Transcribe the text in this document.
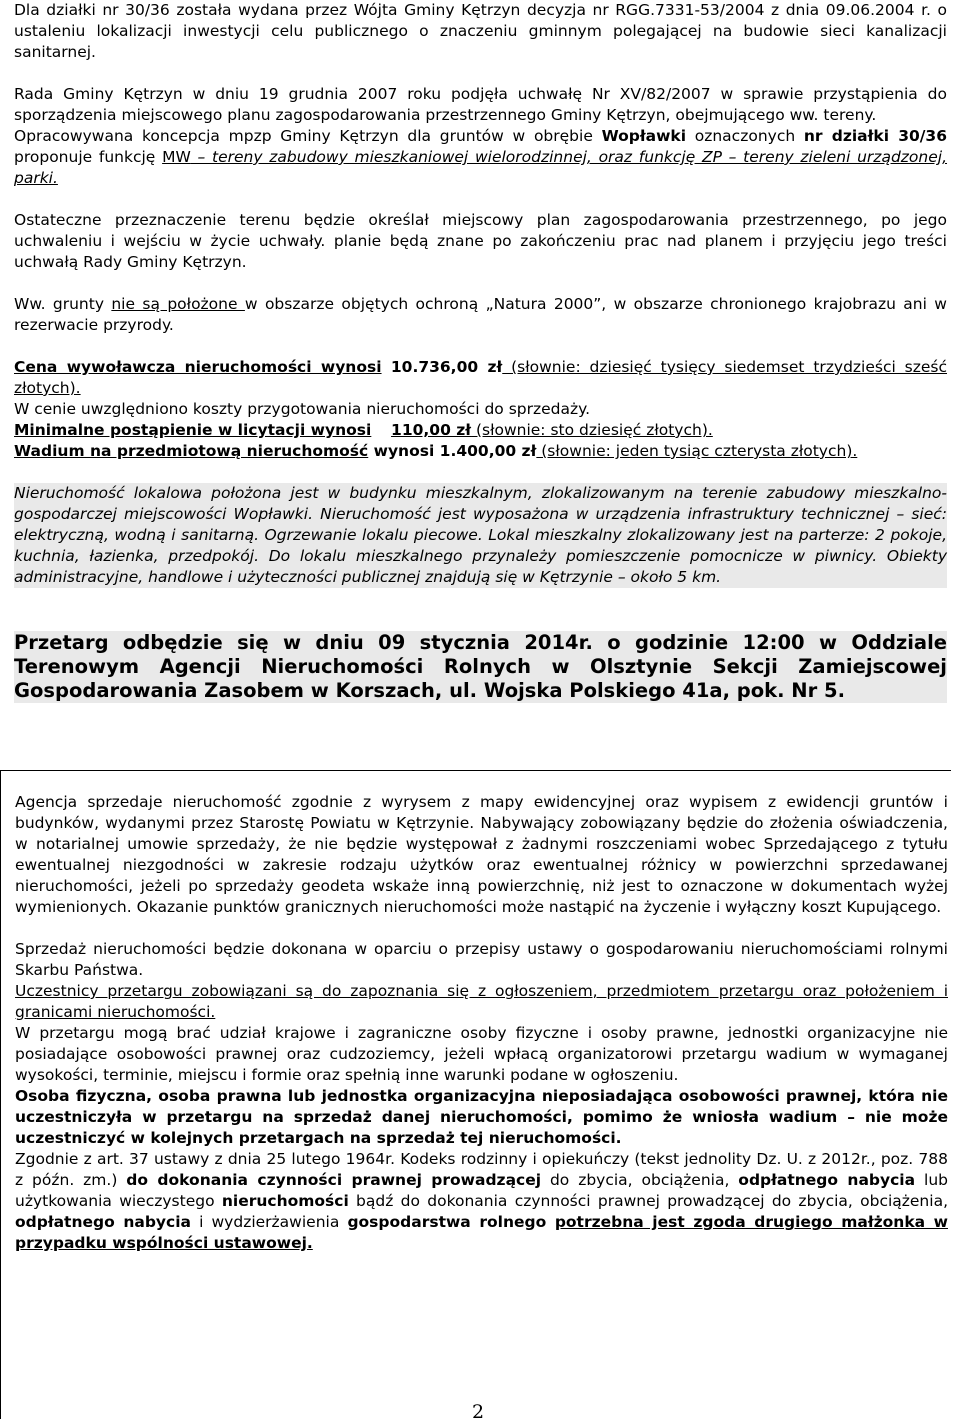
Dla działki nr 30/36 została wydana przez Wójta Gminy Kętrzyn decyzja nr RGG.7331-53/2004 z dnia 09.06.2004 r. o ustaleniu lokalizacji inwestycji celu publicznego o znaczeniu gminnym polegającej na budowie sieci kanalizacji sanitarnej.

Rada Gminy Kętrzyn w dniu 19 grudnia 2007 roku podjęła uchwałę Nr XV/82/2007 w sprawie przystąpienia do sporządzenia miejscowego planu zagospodarowania przestrzennego Gminy Kętrzyn, obejmującego ww. tereny.

Opracowywana koncepcja mpzp Gminy Kętrzyn dla gruntów w obrębie Wopławki oznaczonych nr działki 30/36 proponuje funkcję MW – tereny zabudowy mieszkaniowej wielorodzinnej, oraz funkcję ZP – tereny zieleni urządzonej, parki.

Ostateczne przeznaczenie terenu będzie określał miejscowy plan zagospodarowania przestrzennego, po jego uchwaleniu i wejściu w życie uchwały. planie będą znane po zakończeniu prac nad planem i przyjęciu jego treści uchwałą Rady Gminy Kętrzyn.

Ww. grunty nie są położone w obszarze objętych ochroną „Natura 2000”, w obszarze chronionego krajobrazu ani w rezerwacie przyrody.

Cena wywoławcza nieruchomości wynosi 10.736,00 zł (słownie: dziesięć tysięcy siedemset trzydzieści sześć złotych).

W cenie uwzględniono koszty przygotowania nieruchomości do sprzedaży.

Minimalne postąpienie w licytacji wynosi 110,00 zł (słownie: sto dziesięć złotych).

Wadium na przedmiotową nieruchomość wynosi 1.400,00 zł (słownie: jeden tysiąc czterysta złotych).

Nieruchomość lokalowa położona jest w budynku mieszkalnym, zlokalizowanym na terenie zabudowy mieszkalno-gospodarczej miejscowości Wopławki. Nieruchomość jest wyposażona w urządzenia infrastruktury technicznej – sieć: elektryczną, wodną i sanitarną. Ogrzewanie lokalu piecowe. Lokal mieszkalny zlokalizowany jest na parterze: 2 pokoje, kuchnia, łazienka, przedpokój. Do lokalu mieszkalnego przynależy pomieszczenie pomocnicze w piwnicy. Obiekty administracyjne, handlowe i użyteczności publicznej znajdują się w Kętrzynie – około 5 km.

Przetarg odbędzie się w dniu 09 stycznia 2014r. o godzinie 12:00 w Oddziale Terenowym Agencji Nieruchomości Rolnych w Olsztynie Sekcji Zamiejscowej Gospodarowania Zasobem w Korszach, ul. Wojska Polskiego 41a, pok. Nr 5.

Agencja sprzedaje nieruchomość zgodnie z wyrysem z mapy ewidencyjnej oraz wypisem z ewidencji gruntów i budynków, wydanymi przez Starostę Powiatu w Kętrzynie. Nabywający zobowiązany będzie do złożenia oświadczenia, w notarialnej umowie sprzedaży, że nie będzie występował z żadnymi roszczeniami wobec Sprzedającego z tytułu ewentualnej niezgodności w zakresie rodzaju użytków oraz ewentualnej różnicy w powierzchni sprzedawanej nieruchomości, jeżeli po sprzedaży geodeta wskaże inną powierzchnię, niż jest to oznaczone w dokumentach wyżej wymienionych. Okazanie punktów granicznych nieruchomości może nastąpić na życzenie i wyłączny koszt Kupującego.

Sprzedaż nieruchomości będzie dokonana w oparciu o przepisy ustawy o gospodarowaniu nieruchomościami rolnymi Skarbu Państwa.

Uczestnicy przetargu zobowiązani są do zapoznania się z ogłoszeniem, przedmiotem przetargu oraz położeniem i granicami nieruchomości.

W przetargu mogą brać udział krajowe i zagraniczne osoby fizyczne i osoby prawne, jednostki organizacyjne nie posiadające osobowości prawnej oraz cudzoziemcy, jeżeli wpłacą organizatorowi przetargu wadium w wymaganej wysokości, terminie, miejscu i formie oraz spełnią inne warunki podane w ogłoszeniu.

Osoba fizyczna, osoba prawna lub jednostka organizacyjna nieposiadająca osobowości prawnej, która nie uczestniczyła w przetargu na sprzedaż danej nieruchomości, pomimo że wniosła wadium – nie może uczestniczyć w kolejnych przetargach na sprzedaż tej nieruchomości.

Zgodnie z art. 37 ustawy z dnia 25 lutego 1964r. Kodeks rodzinny i opiekuńczy (tekst jednolity Dz. U. z 2012r., poz. 788 z późn. zm.) do dokonania czynności prawnej prowadzącej do zbycia, obciążenia, odpłatnego nabycia lub użytkowania wieczystego nieruchomości bądź do dokonania czynności prawnej prowadzącej do zbycia, obciążenia, odpłatnego nabycia i wydzierżawienia gospodarstwa rolnego potrzebna jest zgoda drugiego małżonka w przypadku wspólności ustawowej.

2
